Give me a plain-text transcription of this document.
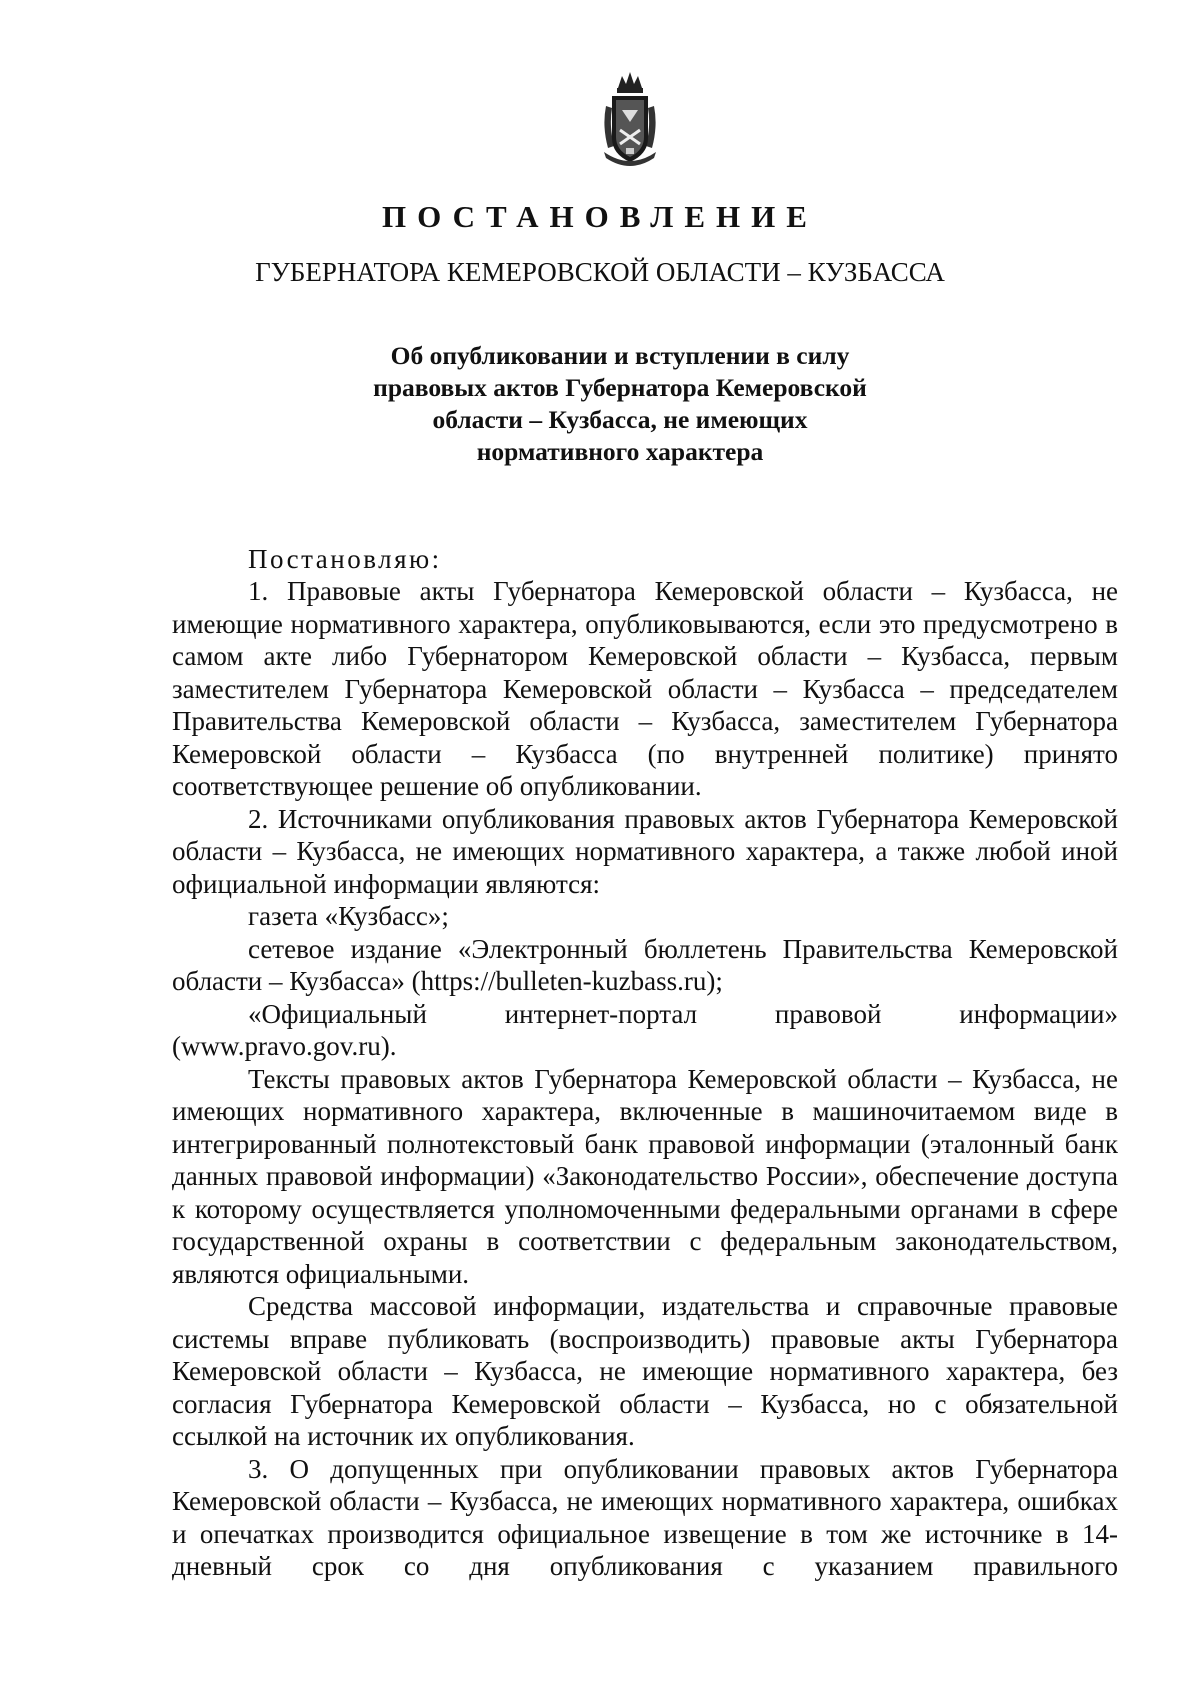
ПОСТАНОВЛЕНИЕ
ГУБЕРНАТОРА КЕМЕРОВСКОЙ ОБЛАСТИ – КУЗБАССА
Об опубликовании и вступлении в силу
правовых актов Губернатора Кемеровской
области – Кузбасса, не имеющих
нормативного характера
Постановляю:

1. Правовые акты Губернатора Кемеровской области – Кузбасса, не имеющие нормативного характера, опубликовываются, если это предусмотрено в самом акте либо Губернатором Кемеровской области – Кузбасса, первым заместителем Губернатора Кемеровской области – Кузбасса – председателем Правительства Кемеровской области – Кузбасса, заместителем Губернатора Кемеровской области – Кузбасса (по внутренней политике) принято соответствующее решение об опубликовании.

2. Источниками опубликования правовых актов Губернатора Кемеровской области – Кузбасса, не имеющих нормативного характера, а также любой иной официальной информации являются:

газета «Кузбасс»;

сетевое издание «Электронный бюллетень Правительства Кемеровской области – Кузбасса» (https://bulleten-kuzbass.ru);

«Официальный интернет-портал правовой информации» (www.pravo.gov.ru).

Тексты правовых актов Губернатора Кемеровской области – Кузбасса, не имеющих нормативного характера, включенные в машиночитаемом виде в интегрированный полнотекстовый банк правовой информации (эталонный банк данных правовой информации) «Законодательство России», обеспечение доступа к которому осуществляется уполномоченными федеральными органами в сфере государственной охраны в соответствии с федеральным законодательством, являются официальными.

Средства массовой информации, издательства и справочные правовые системы вправе публиковать (воспроизводить) правовые акты Губернатора Кемеровской области – Кузбасса, не имеющие нормативного характера, без согласия Губернатора Кемеровской области – Кузбасса, но с обязательной ссылкой на источник их опубликования.

3. О допущенных при опубликовании правовых актов Губернатора Кемеровской области – Кузбасса, не имеющих нормативного характера, ошибках и опечатках производится официальное извещение в том же источнике в 14-дневный срок со дня опубликования с указанием правильного
